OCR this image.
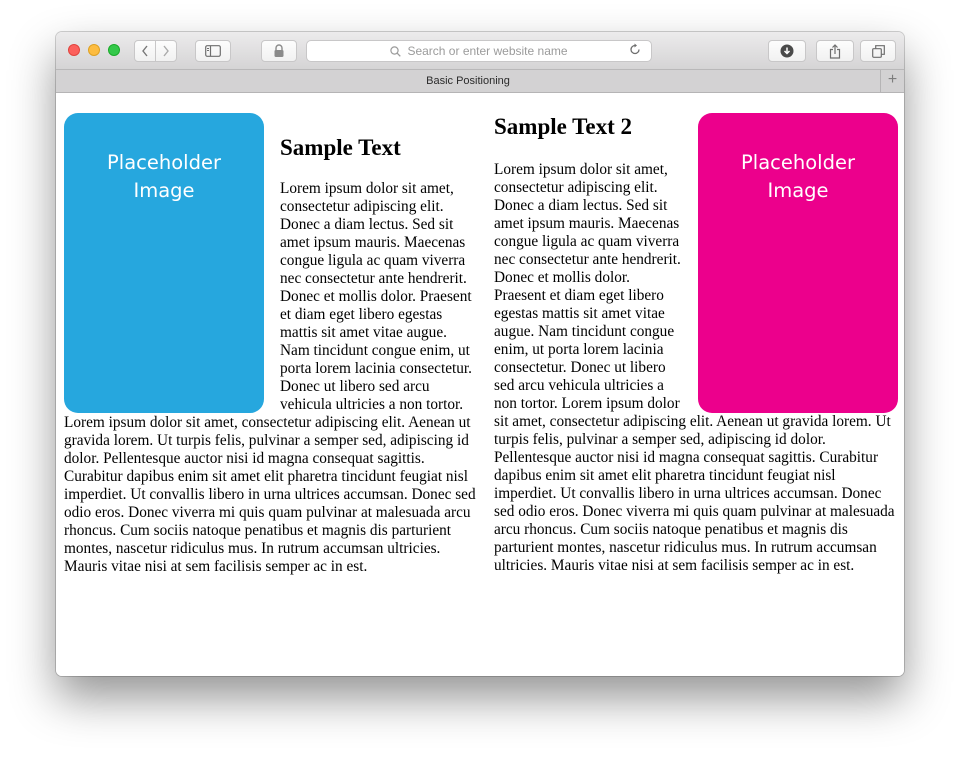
Search or enter website name
Basic Positioning	+
Placeholder
Image
Sample Text

Lorem ipsum dolor sit amet, consectetur adipiscing elit. Donec a diam lectus. Sed sit amet ipsum mauris. Maecenas congue ligula ac quam viverra nec consectetur ante hendrerit. Donec et mollis dolor. Praesent et diam eget libero egestas mattis sit amet vitae augue. Nam tincidunt congue enim, ut porta lorem lacinia consectetur. Donec ut libero sed arcu vehicula ultricies a non tortor. Lorem ipsum dolor sit amet, consectetur adipiscing elit. Aenean ut gravida lorem. Ut turpis felis, pulvinar a semper sed, adipiscing id dolor. Pellentesque auctor nisi id magna consequat sagittis. Curabitur dapibus enim sit amet elit pharetra tincidunt feugiat nisl imperdiet. Ut convallis libero in urna ultrices accumsan. Donec sed odio eros. Donec viverra mi quis quam pulvinar at malesuada arcu rhoncus. Cum sociis natoque penatibus et magnis dis parturient montes, nascetur ridiculus mus. In rutrum accumsan ultricies. Mauris vitae nisi at sem facilisis semper ac in est.

Placeholder
Image
Sample Text 2

Lorem ipsum dolor sit amet, consectetur adipiscing elit. Donec a diam lectus. Sed sit amet ipsum mauris. Maecenas congue ligula ac quam viverra nec consectetur ante hendrerit. Donec et mollis dolor. Praesent et diam eget libero egestas mattis sit amet vitae augue. Nam tincidunt congue enim, ut porta lorem lacinia consectetur. Donec ut libero sed arcu vehicula ultricies a non tortor. Lorem ipsum dolor sit amet, consectetur adipiscing elit. Aenean ut gravida lorem. Ut turpis felis, pulvinar a semper sed, adipiscing id dolor. Pellentesque auctor nisi id magna consequat sagittis. Curabitur dapibus enim sit amet elit pharetra tincidunt feugiat nisl imperdiet. Ut convallis libero in urna ultrices accumsan. Donec sed odio eros. Donec viverra mi quis quam pulvinar at malesuada arcu rhoncus. Cum sociis natoque penatibus et magnis dis parturient montes, nascetur ridiculus mus. In rutrum accumsan ultricies. Mauris vitae nisi at sem facilisis semper ac in est.
